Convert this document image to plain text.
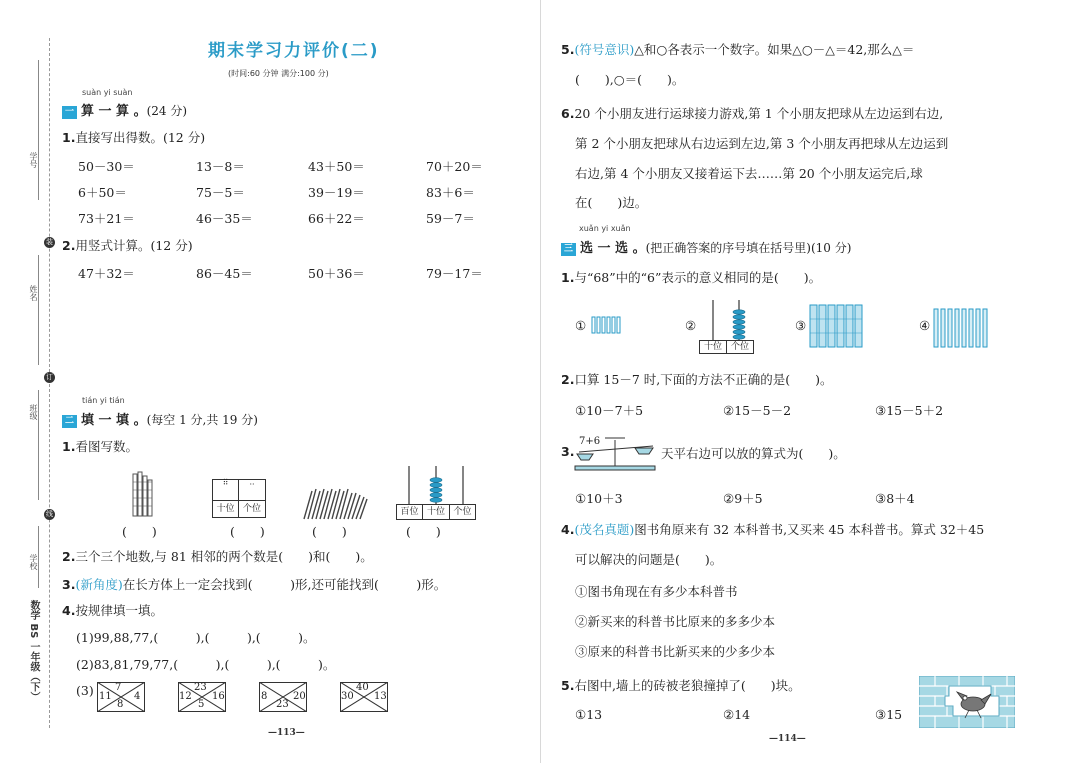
学号
装
姓名
订
班级
线
学校
数学 BS 一年级（下）
期末学习力评价(二)
(时间:60 分钟 满分:100 分)
suàn yi suàn
一 算 一 算 。(24 分)
1.直接写出得数。(12 分)
50－30＝	13－8＝	43＋50＝	70＋20＝
6＋50＝	75－5＝	39－19＝	83＋6＝
73＋21＝	46－35＝	66＋22＝	59－7＝
2.用竖式计算。(12 分)
47＋32＝	86－45＝	50＋36＝	79－17＝
tián yi tián
二 填 一 填 。(每空 1 分,共 19 分)
1.看图写数。
(　　)
⠿	··
十位 个位
(　　)	(　　)
百位 十位 个位
(　　)
2.三个三个地数,与 81 相邻的两个数是(　　)和(　　)。
3.(新角度)在长方体上一定会找到(　　　)形,还可能找到(　　　)形。
4.按规律填一填。
(1)99,88,77,(　　　),(　　　),(　　　)。
(2)83,81,79,77,(　　　),(　　　),(　　　)。
(3) 7
11 4
8
23
12 16
5
8	20
23
40
30 13
—113—
5.(符号意识)△和○各表示一个数字。如果△○－△＝42,那么△＝
(　　),○＝(　　)。
6.20 个小朋友进行运球接力游戏,第 1 个小朋友把球从左边运到右边,
第 2 个小朋友把球从右边运到左边,第 3 个小朋友再把球从左边运到
右边,第 4 个小朋友又接着运下去……第 20 个小朋友运完后,球
在(　　)边。
xuǎn yi xuǎn
三 选 一 选 。(把正确答案的序号填在括号里)(10 分)
1.与“68”中的“6”表示的意义相同的是(　　)。
①	②
十位 个位
③	④
2.口算 15－7 时,下面的方法不正确的是(　　)。
①10－7＋5	②15－5－2	③15－5＋2
3.
7+6
天平右边可以放的算式为(　　)。
①10＋3	②9＋5	③8＋4
4.(茂名真题)图书角原来有 32 本科普书,又买来 45 本科普书。算式 32＋45
可以解决的问题是(　　)。
①图书角现在有多少本科普书
②新买来的科普书比原来的多多少本
③原来的科普书比新买来的少多少本
5.右图中,墙上的砖被老狼撞掉了(　　)块。
①13	②14	③15
—114—
